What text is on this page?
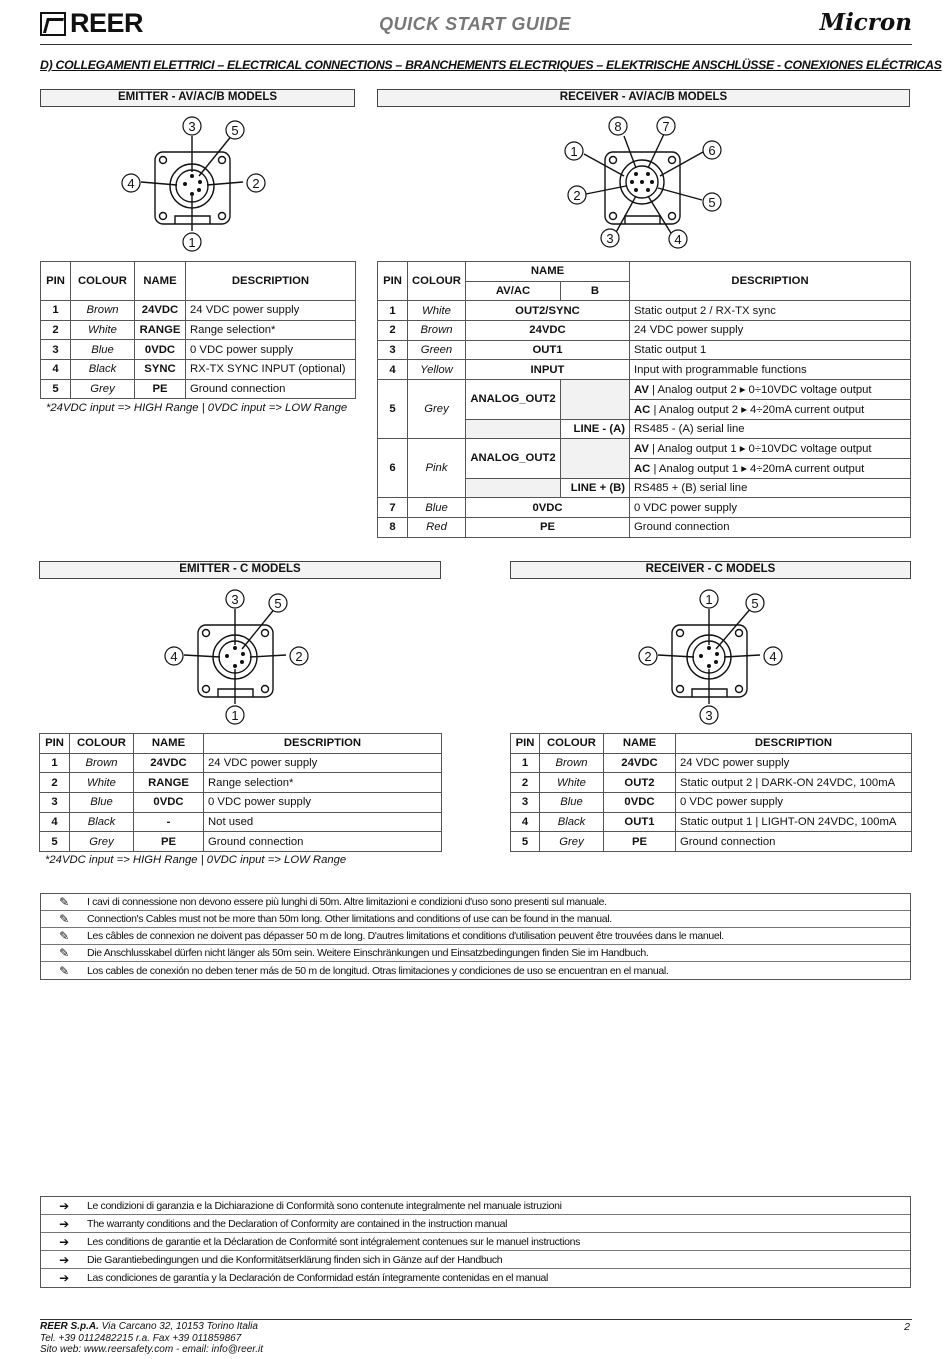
REER	QUICK START GUIDE	Micron
D) COLLEGAMENTI ELETTRICI – ELECTRICAL CONNECTIONS – BRANCHEMENTS ELECTRIQUES – ELEKTRISCHE ANSCHLÜSSE - CONEXIONES ELÉCTRICAS
EMITTER - AV/AC/B MODELS
3	5
4	2
1
PIN	COLOUR	NAME	DESCRIPTION
1	Brown	24VDC	24 VDC power supply
2	White	RANGE	Range selection*
3	Blue	0VDC	0 VDC power supply
4	Black	SYNC	RX-TX SYNC INPUT (optional)
5	Grey	PE	Ground connection
*24VDC input => HIGH Range | 0VDC input => LOW Range
RECEIVER - AV/AC/B MODELS
8	7
1	6
2	5
3	4
PIN	COLOUR	NAME		DESCRIPTION
		AV/AC	B	
1	White	OUT2/SYNC		Static output 2 / RX-TX sync
2	Brown	24VDC		24 VDC power supply
3	Green	OUT1		Static output 1
4	Yellow	INPUT		Input with programmable functions
5	Grey	ANALOG_OUT2		AV | Analog output 2 ▸ 0÷10VDC voltage output
				AC | Analog output 2 ▸ 4÷20mA current output
			LINE - (A)	RS485 - (A) serial line
6	Pink	ANALOG_OUT2		AV | Analog output 1 ▸ 0÷10VDC voltage output
				AC | Analog output 1 ▸ 4÷20mA current output
			LINE + (B)	RS485 + (B) serial line
7	Blue	0VDC		0 VDC power supply
8	Red	PE		Ground connection
EMITTER - C MODELS
3	5
4	2
1
PIN	COLOUR	NAME	DESCRIPTION
1	Brown	24VDC	24 VDC power supply
2	White	RANGE	Range selection*
3	Blue	0VDC	0 VDC power supply
4	Black	-	Not used
5	Grey	PE	Ground connection
*24VDC input => HIGH Range | 0VDC input => LOW Range
RECEIVER - C MODELS
1	5
2	4
3
PIN	COLOUR	NAME	DESCRIPTION
1	Brown	24VDC	24 VDC power supply
2	White	OUT2	Static output 2 | DARK-ON 24VDC, 100mA
3	Blue	0VDC	0 VDC power supply
4	Black	OUT1	Static output 1 | LIGHT-ON 24VDC, 100mA
5	Grey	PE	Ground connection
✎	I cavi di connessione non devono essere più lunghi di 50m. Altre limitazioni e condizioni d'uso sono presenti sul manuale.
✎	Connection's Cables must not be more than 50m long. Other limitations and conditions of use can be found in the manual.
✎	Les câbles de connexion ne doivent pas dépasser 50 m de long. D'autres limitations et conditions d'utilisation peuvent être trouvées dans le manuel.
✎	Die Anschlusskabel dürfen nicht länger als 50m sein. Weitere Einschränkungen und Einsatzbedingungen finden Sie im Handbuch.
✎	Los cables de conexión no deben tener más de 50 m de longitud. Otras limitaciones y condiciones de uso se encuentran en el manual.
➔	Le condizioni di garanzia e la Dichiarazione di Conformità sono contenute integralmente nel manuale istruzioni
➔	The warranty conditions and the Declaration of Conformity are contained in the instruction manual
➔	Les conditions de garantie et la Déclaration de Conformité sont intégralement contenues sur le manuel instructions
➔	Die Garantiebedingungen und die Konformitätserklärung finden sich in Gänze auf der Handbuch
➔	Las condiciones de garantía y la Declaración de Conformidad están íntegramente contenidas en el manual
REER S.p.A. Via Carcano 32, 10153 Torino Italia
Tel. +39 0112482215 r.a. Fax +39 011859867
Sito web: www.reersafety.com - email: info@reer.it
2
